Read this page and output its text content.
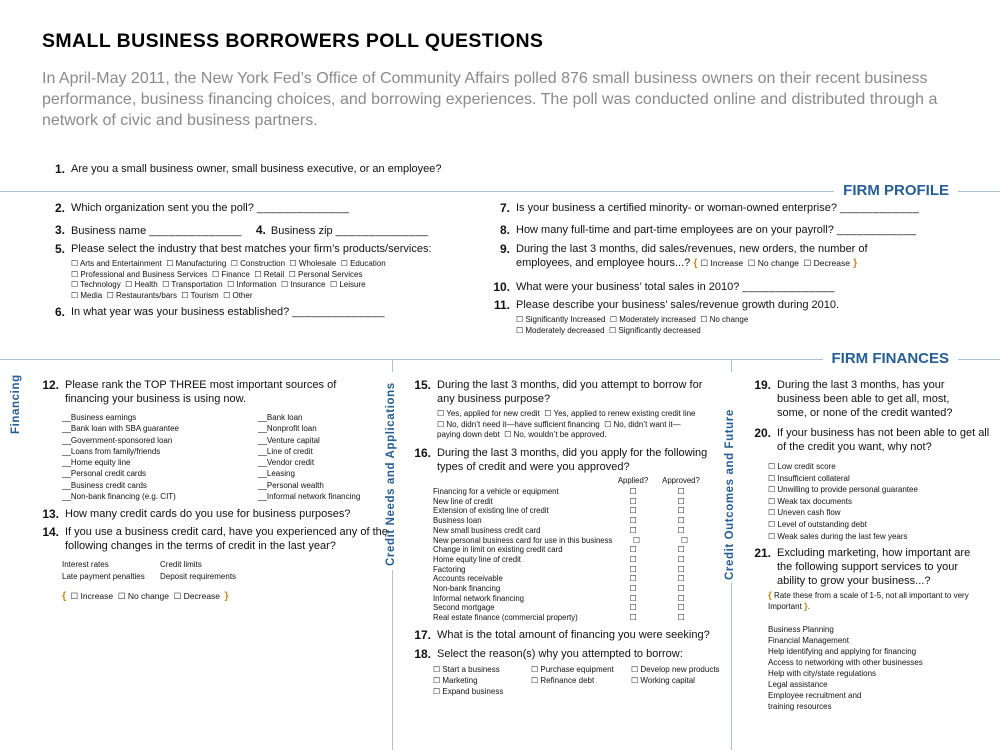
SMALL BUSINESS BORROWERS POLL QUESTIONS

In April-May 2011, the New York Fed’s Office of Community Affairs polled 876 small business owners on their recent business performance, business financing choices, and borrowing experiences. The poll was conducted online and distributed through a network of civic and business partners.

1. Are you a small business owner, small business executive, or an employee?
FIRM PROFILE
2. Which organization sent you the poll? ______________
3. Business name ______________ 4. Business zip ______________
5. Please select the industry that best matches your firm’s products/services:
☐ Arts and Entertainment  ☐ Manufacturing  ☐ Construction  ☐ Wholesale  ☐ Education
☐ Professional and Business Services  ☐ Finance  ☐ Retail  ☐ Personal Services
☐ Technology  ☐ Health  ☐ Transportation  ☐ Information  ☐ Insurance  ☐ Leisure
☐ Media  ☐ Restaurants/bars  ☐ Tourism  ☐ Other
6. In what year was your business established? ______________
7. Is your business a certified minority- or woman-owned enterprise? ____________
8. How many full-time and part-time employees are on your payroll? ____________
9. During the last 3 months, did sales/revenues, new orders, the number of employees, and employee hours...? { ☐ Increase  ☐ No change  ☐ Decrease }
10. What were your business’ total sales in 2010? ______________
11. Please describe your business’ sales/revenue growth during 2010.
☐ Significantly Increased  ☐ Moderately increased  ☐ No change
☐ Moderately decreased  ☐ Significantly decreased
FIRM FINANCES
Financing	Credit Needs and Applications	Credit Outcomes and Future
12. Please rank the TOP THREE most important sources of financing your business is using now.
__Business earnings
__Bank loan with SBA guarantee
__Government-sponsored loan
__Loans from family/friends
__Home equity line
__Personal credit cards
__Business credit cards
__Non-bank financing (e.g. CIT)
__Bank loan
__Nonprofit loan
__Venture capital
__Line of credit
__Vendor credit
__Leasing
__Personal wealth
__Informal network financing
13. How many credit cards do you use for business purposes?
14. If you use a business credit card, have you experienced any of the following changes in the terms of credit in the last year?
Interest rates	Credit limits
Late payment penalties	Deposit requirements
{ ☐ Increase  ☐ No change  ☐ Decrease }
15. During the last 3 months, did you attempt to borrow for any business purpose?
☐ Yes, applied for new credit  ☐ Yes, applied to renew existing credit line
☐ No, didn’t need it—have sufficient financing  ☐ No, didn’t want it—
paying down debt  ☐ No, wouldn’t be approved.
16. During the last 3 months, did you apply for the following types of credit and were you approved?
Applied?	Approved?
Financing for a vehicle or equipment	☐	☐
New line of credit	☐	☐
Extension of existing line of credit	☐	☐
Business loan	☐	☐
New small business credit card	☐	☐
New personal business card for use in this business	☐	☐
Change in limit on existing credit card	☐	☐
Home equity line of credit	☐	☐
Factoring	☐	☐
Accounts receivable	☐	☐
Non-bank financing	☐	☐
Informal network financing	☐	☐
Second mortgage	☐	☐
Real estate finance (commercial property)	☐	☐
17. What is the total amount of financing you were seeking?
18. Select the reason(s) why you attempted to borrow:
☐ Start a business
☐ Marketing
☐ Expand business
☐ Purchase equipment
☐ Refinance debt
☐ Develop new products
☐ Working capital
19. During the last 3 months, has your business been able to get all, most, some, or none of the credit wanted?
20. If your business has not been able to get all of the credit you want, why not?
☐ Low credit score
☐ Insufficient collateral
☐ Unwilling to provide personal guarantee
☐ Weak tax documents
☐ Uneven cash flow
☐ Level of outstanding debt
☐ Weak sales during the last few years
21. Excluding marketing, how important are the following support services to your ability to grow your business...?
{ Rate these from a scale of 1-5, not all important to very Important }.
Business Planning
Financial Management
Help identifying and applying for financing
Access to networking with other businesses
Help with city/state regulations
Legal assistance
Employee recruitment and
training resources
